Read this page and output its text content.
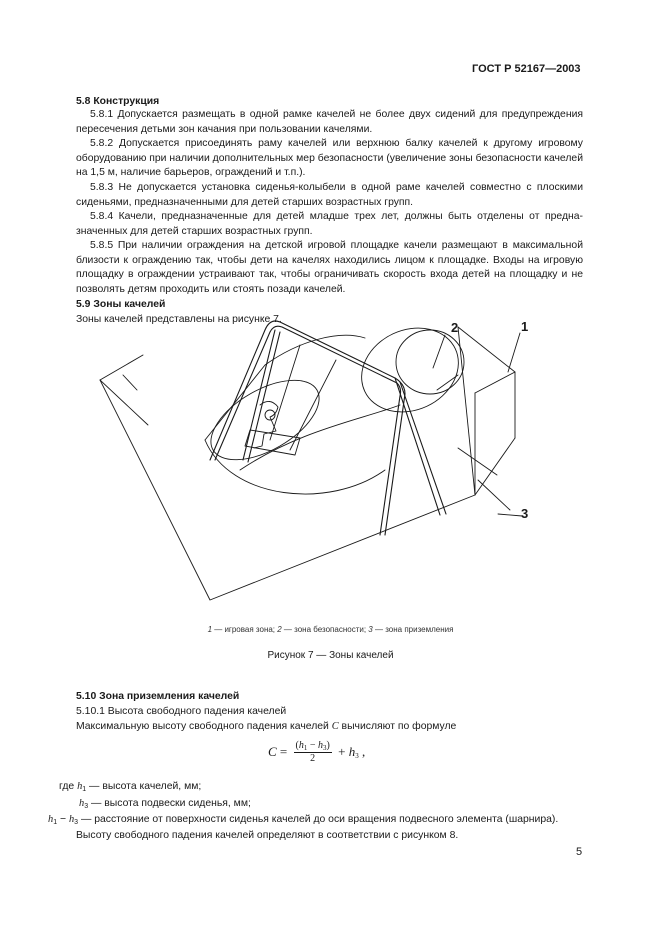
ГОСТ Р 52167—2003
5.8 Конструкция
5.8.1 Допускается размещать в одной рамке качелей не более двух сидений для предупреждения
пересечения детьми зон качания при пользовании качелями.
5.8.2 Допускается присоединять раму качелей или верхнюю балку качелей к другому игровому
оборудованию при наличии дополнительных мер безопасности (увеличение зоны безопасности качелей
на 1,5 м, наличие барьеров, ограждений и т.п.).
5.8.3 Не допускается установка сиденья-колыбели в одной раме качелей совместно с плоскими
сиденьями, предназначенными для детей старших возрастных групп.
5.8.4 Качели, предназначенные для детей младше трех лет, должны быть отделены от предна-
значенных для детей старших возрастных групп.
5.8.5 При наличии ограждения на детской игровой площадке качели размещают в максимальной
близости к ограждению так, чтобы дети на качелях находились лицом к площадке. Входы на игровую
площадку в ограждении устраивают так, чтобы ограничивать скорость входа детей на площадку и не
позволять детям проходить или стоять позади качелей.
5.9 Зоны качелей
Зоны качелей представлены на рисунке 7.
2	1
3
1 — игровая зона; 2 — зона безопасности; 3 — зона приземления
Рисунок 7 — Зоны качелей
5.10 Зона приземления качелей
5.10.1 Высота свободного падения качелей
Максимальную высоту свободного падения качелей C вычисляют по формуле
$C = \frac{(h_1 - h_3)}{2} + h_3$ ,
где $h_1$ — высота качелей, мм;
$h_3$ — высота подвески сиденья, мм;
$h_1 - h_3$ — расстояние от поверхности сиденья качелей до оси вращения подвесного элемента (шарнира).
Высоту свободного падения качелей определяют в соответствии с рисунком 8.
5
